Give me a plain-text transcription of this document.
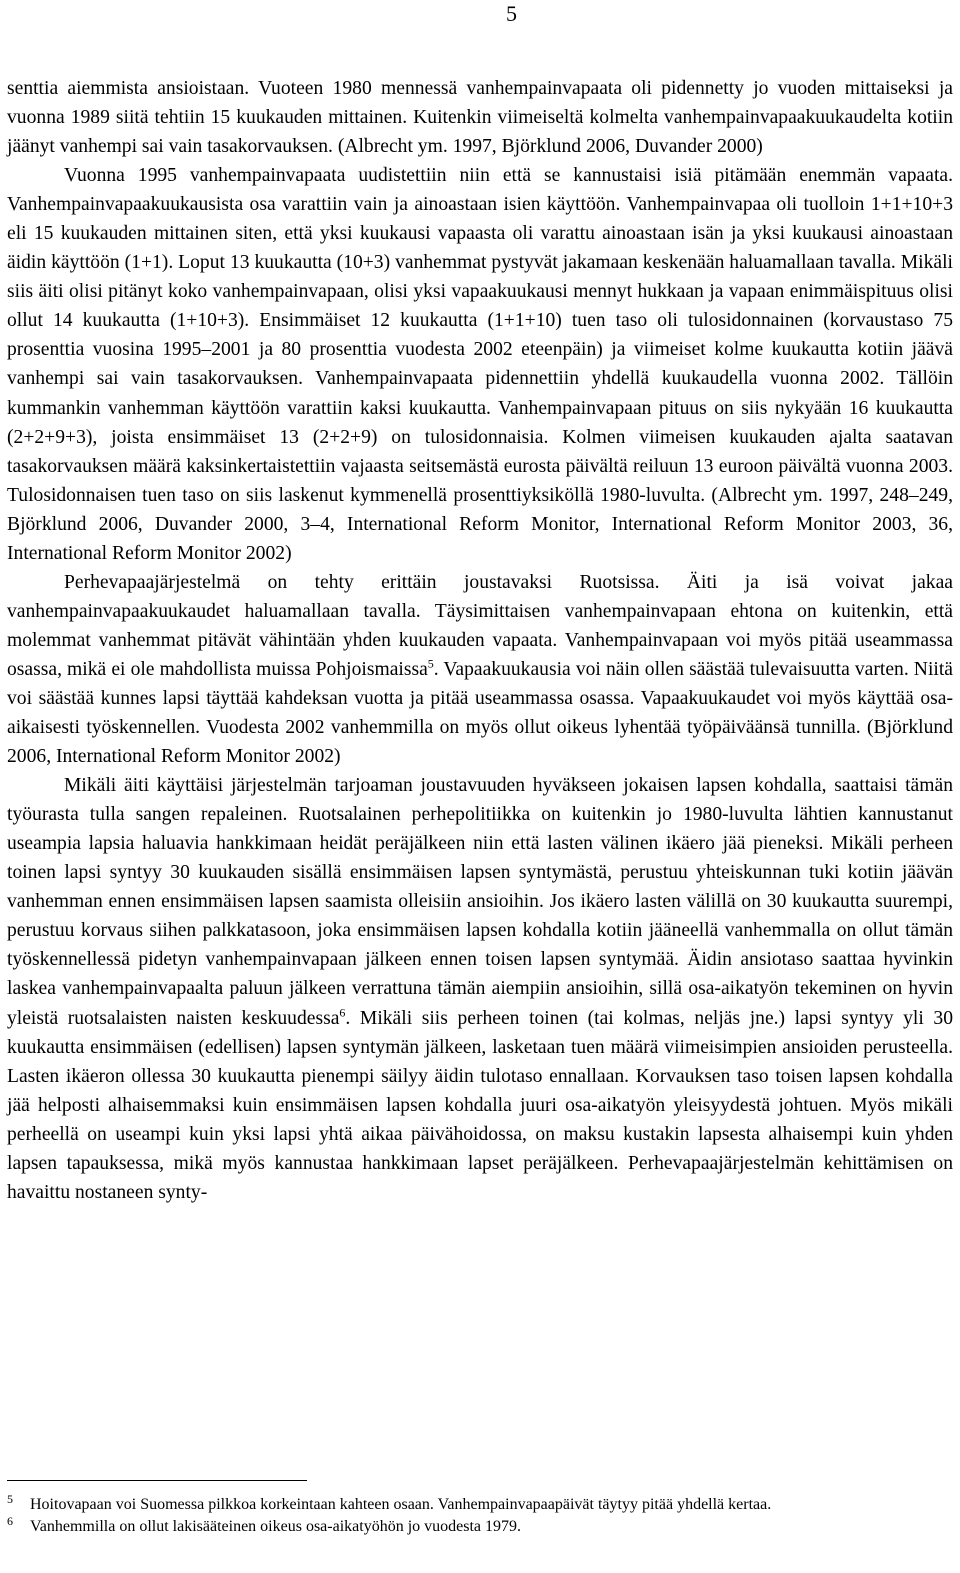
5

senttia aiemmista ansioistaan. Vuoteen 1980 mennessä vanhempainvapaata oli pidennetty jo vuoden mittaiseksi ja vuonna 1989 siitä tehtiin 15 kuukauden mittainen. Kuitenkin viimeiseltä kolmelta vanhempainvapaakuukaudelta kotiin jäänyt vanhempi sai vain tasakorvauksen. (Albrecht ym. 1997, Björklund 2006, Duvander 2000)

Vuonna 1995 vanhempainvapaata uudistettiin niin että se kannustaisi isiä pitämään enemmän vapaata. Vanhempainvapaakuukausista osa varattiin vain ja ainoastaan isien käyttöön. Vanhempainvapaa oli tuolloin 1+1+10+3 eli 15 kuukauden mittainen siten, että yksi kuukausi vapaasta oli varattu ainoastaan isän ja yksi kuukausi ainoastaan äidin käyttöön (1+1). Loput 13 kuukautta (10+3) vanhemmat pystyvät jakamaan keskenään haluamallaan tavalla. Mikäli siis äiti olisi pitänyt koko vanhempainvapaan, olisi yksi vapaakuukausi mennyt hukkaan ja vapaan enimmäispituus olisi ollut 14 kuukautta (1+10+3). Ensimmäiset 12 kuukautta (1+1+10) tuen taso oli tulosidonnainen (korvaustaso 75 prosenttia vuosina 1995–2001 ja 80 prosenttia vuodesta 2002 eteenpäin) ja viimeiset kolme kuukautta kotiin jäävä vanhempi sai vain tasakorvauksen. Vanhempainvapaata pidennettiin yhdellä kuukaudella vuonna 2002. Tällöin kummankin vanhemman käyttöön varattiin kaksi kuukautta. Vanhempainvapaan pituus on siis nykyään 16 kuukautta (2+2+9+3), joista ensimmäiset 13 (2+2+9) on tulosidonnaisia. Kolmen viimeisen kuukauden ajalta saatavan tasakorvauksen määrä kaksinkertaistettiin vajaasta seitsemästä eurosta päivältä reiluun 13 euroon päivältä vuonna 2003. Tulosidonnaisen tuen taso on siis laskenut kymmenellä prosenttiyksiköllä 1980-luvulta. (Albrecht ym. 1997, 248–249, Björklund 2006, Duvander 2000, 3–4, International Reform Monitor, International Reform Monitor 2003, 36, International Reform Monitor 2002)

Perhevapaajärjestelmä on tehty erittäin joustavaksi Ruotsissa. Äiti ja isä voivat jakaa vanhempainvapaakuukaudet haluamallaan tavalla. Täysimittaisen vanhempainvapaan ehtona on kuitenkin, että molemmat vanhemmat pitävät vähintään yhden kuukauden vapaata. Vanhempainvapaan voi myös pitää useammassa osassa, mikä ei ole mahdollista muissa Pohjoismaissa$^5$. Vapaakuukausia voi näin ollen säästää tulevaisuutta varten. Niitä voi säästää kunnes lapsi täyttää kahdeksan vuotta ja pitää useammassa osassa. Vapaakuukaudet voi myös käyttää osa-aikaisesti työskennellen. Vuodesta 2002 vanhemmilla on myös ollut oikeus lyhentää työpäiväänsä tunnilla. (Björklund 2006, International Reform Monitor 2002)

Mikäli äiti käyttäisi järjestelmän tarjoaman joustavuuden hyväkseen jokaisen lapsen kohdalla, saattaisi tämän työurasta tulla sangen repaleinen. Ruotsalainen perhepolitiikka on kuitenkin jo 1980-luvulta lähtien kannustanut useampia lapsia haluavia hankkimaan heidät peräjälkeen niin että lasten välinen ikäero jää pieneksi. Mikäli perheen toinen lapsi syntyy 30 kuukauden sisällä ensimmäisen lapsen syntymästä, perustuu yhteiskunnan tuki kotiin jäävän vanhemman ennen ensimmäisen lapsen saamista olleisiin ansioihin. Jos ikäero lasten välillä on 30 kuukautta suurempi, perustuu korvaus siihen palkkatasoon, joka ensimmäisen lapsen kohdalla kotiin jääneellä vanhemmalla on ollut tämän työskennellessä pidetyn vanhempainvapaan jälkeen ennen toisen lapsen syntymää. Äidin ansiotaso saattaa hyvinkin laskea vanhempainvapaalta paluun jälkeen verrattuna tämän aiempiin ansioihin, sillä osa-aikatyön tekeminen on hyvin yleistä ruotsalaisten naisten keskuudessa$^6$. Mikäli siis perheen toinen (tai kolmas, neljäs jne.) lapsi syntyy yli 30 kuukautta ensimmäisen (edellisen) lapsen syntymän jälkeen, lasketaan tuen määrä viimeisimpien ansioiden perusteella. Lasten ikäeron ollessa 30 kuukautta pienempi säilyy äidin tulotaso ennallaan. Korvauksen taso toisen lapsen kohdalla jää helposti alhaisemmaksi kuin ensimmäisen lapsen kohdalla juuri osa-aikatyön yleisyydestä johtuen. Myös mikäli perheellä on useampi kuin yksi lapsi yhtä aikaa päivähoidossa, on maksu kustakin lapsesta alhaisempi kuin yhden lapsen tapauksessa, mikä myös kannustaa hankkimaan lapset peräjälkeen. Perhevapaajärjestelmän kehittämisen on havaittu nostaneen synty-

5 Hoitovapaan voi Suomessa pilkkoa korkeintaan kahteen osaan. Vanhempainvapaapäivät täytyy pitää yhdellä kertaa.

6 Vanhemmilla on ollut lakisääteinen oikeus osa-aikatyöhön jo vuodesta 1979.
